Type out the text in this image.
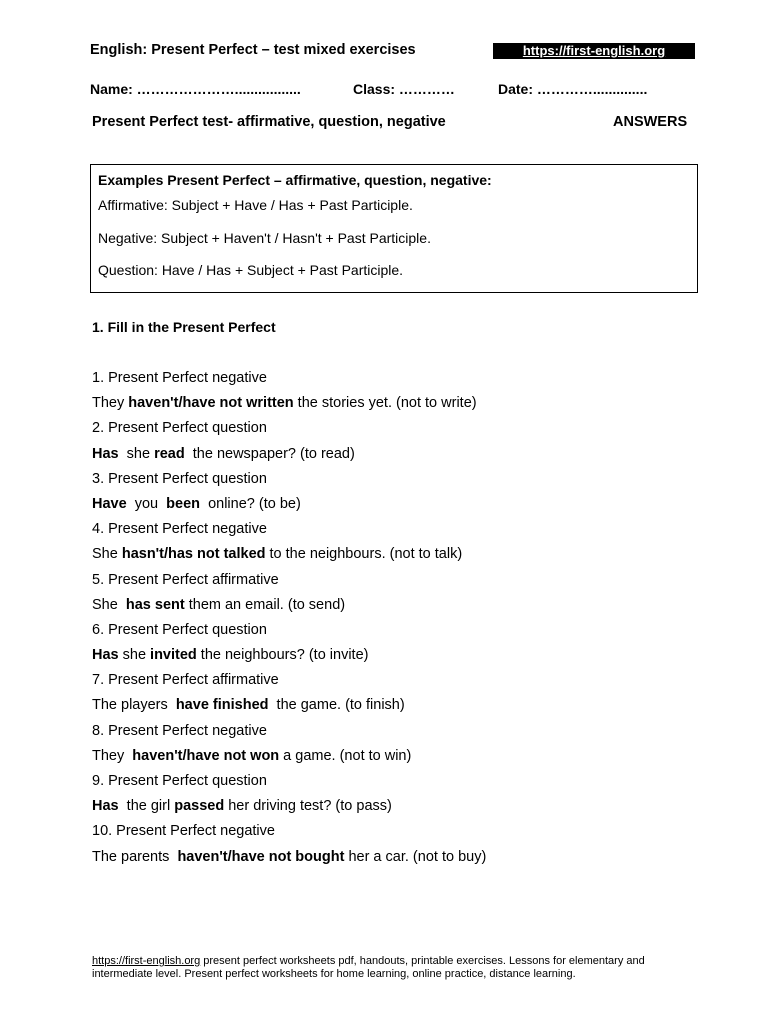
English: Present Perfect – test mixed exercises	https://first-english.org
Name: ………………….................	Class: …………	Date: …………..............
Present Perfect test- affirmative, question, negative	ANSWERS
Examples Present Perfect – affirmative, question, negative:
Affirmative: Subject + Have / Has + Past Participle.
Negative: Subject + Haven't / Hasn't + Past Participle.
Question: Have / Has + Subject + Past Participle.
1. Fill in the Present Perfect
1. Present Perfect negative
They haven't/have not written the stories yet. (not to write)
2. Present Perfect question
Has  she read  the newspaper? (to read)
3. Present Perfect question
Have  you  been  online? (to be)
4. Present Perfect negative
She hasn't/has not talked to the neighbours. (not to talk)
5. Present Perfect affirmative
She  has sent them an email. (to send)
6. Present Perfect question
Has she invited the neighbours? (to invite)
7. Present Perfect affirmative
The players  have finished  the game. (to finish)
8. Present Perfect negative
They  haven't/have not won a game. (not to win)
9. Present Perfect question
Has  the girl passed her driving test? (to pass)
10. Present Perfect negative
The parents  haven't/have not bought her a car. (not to buy)
https://first-english.org present perfect worksheets pdf, handouts, printable exercises. Lessons for elementary and intermediate level. Present perfect worksheets for home learning, online practice, distance learning.
